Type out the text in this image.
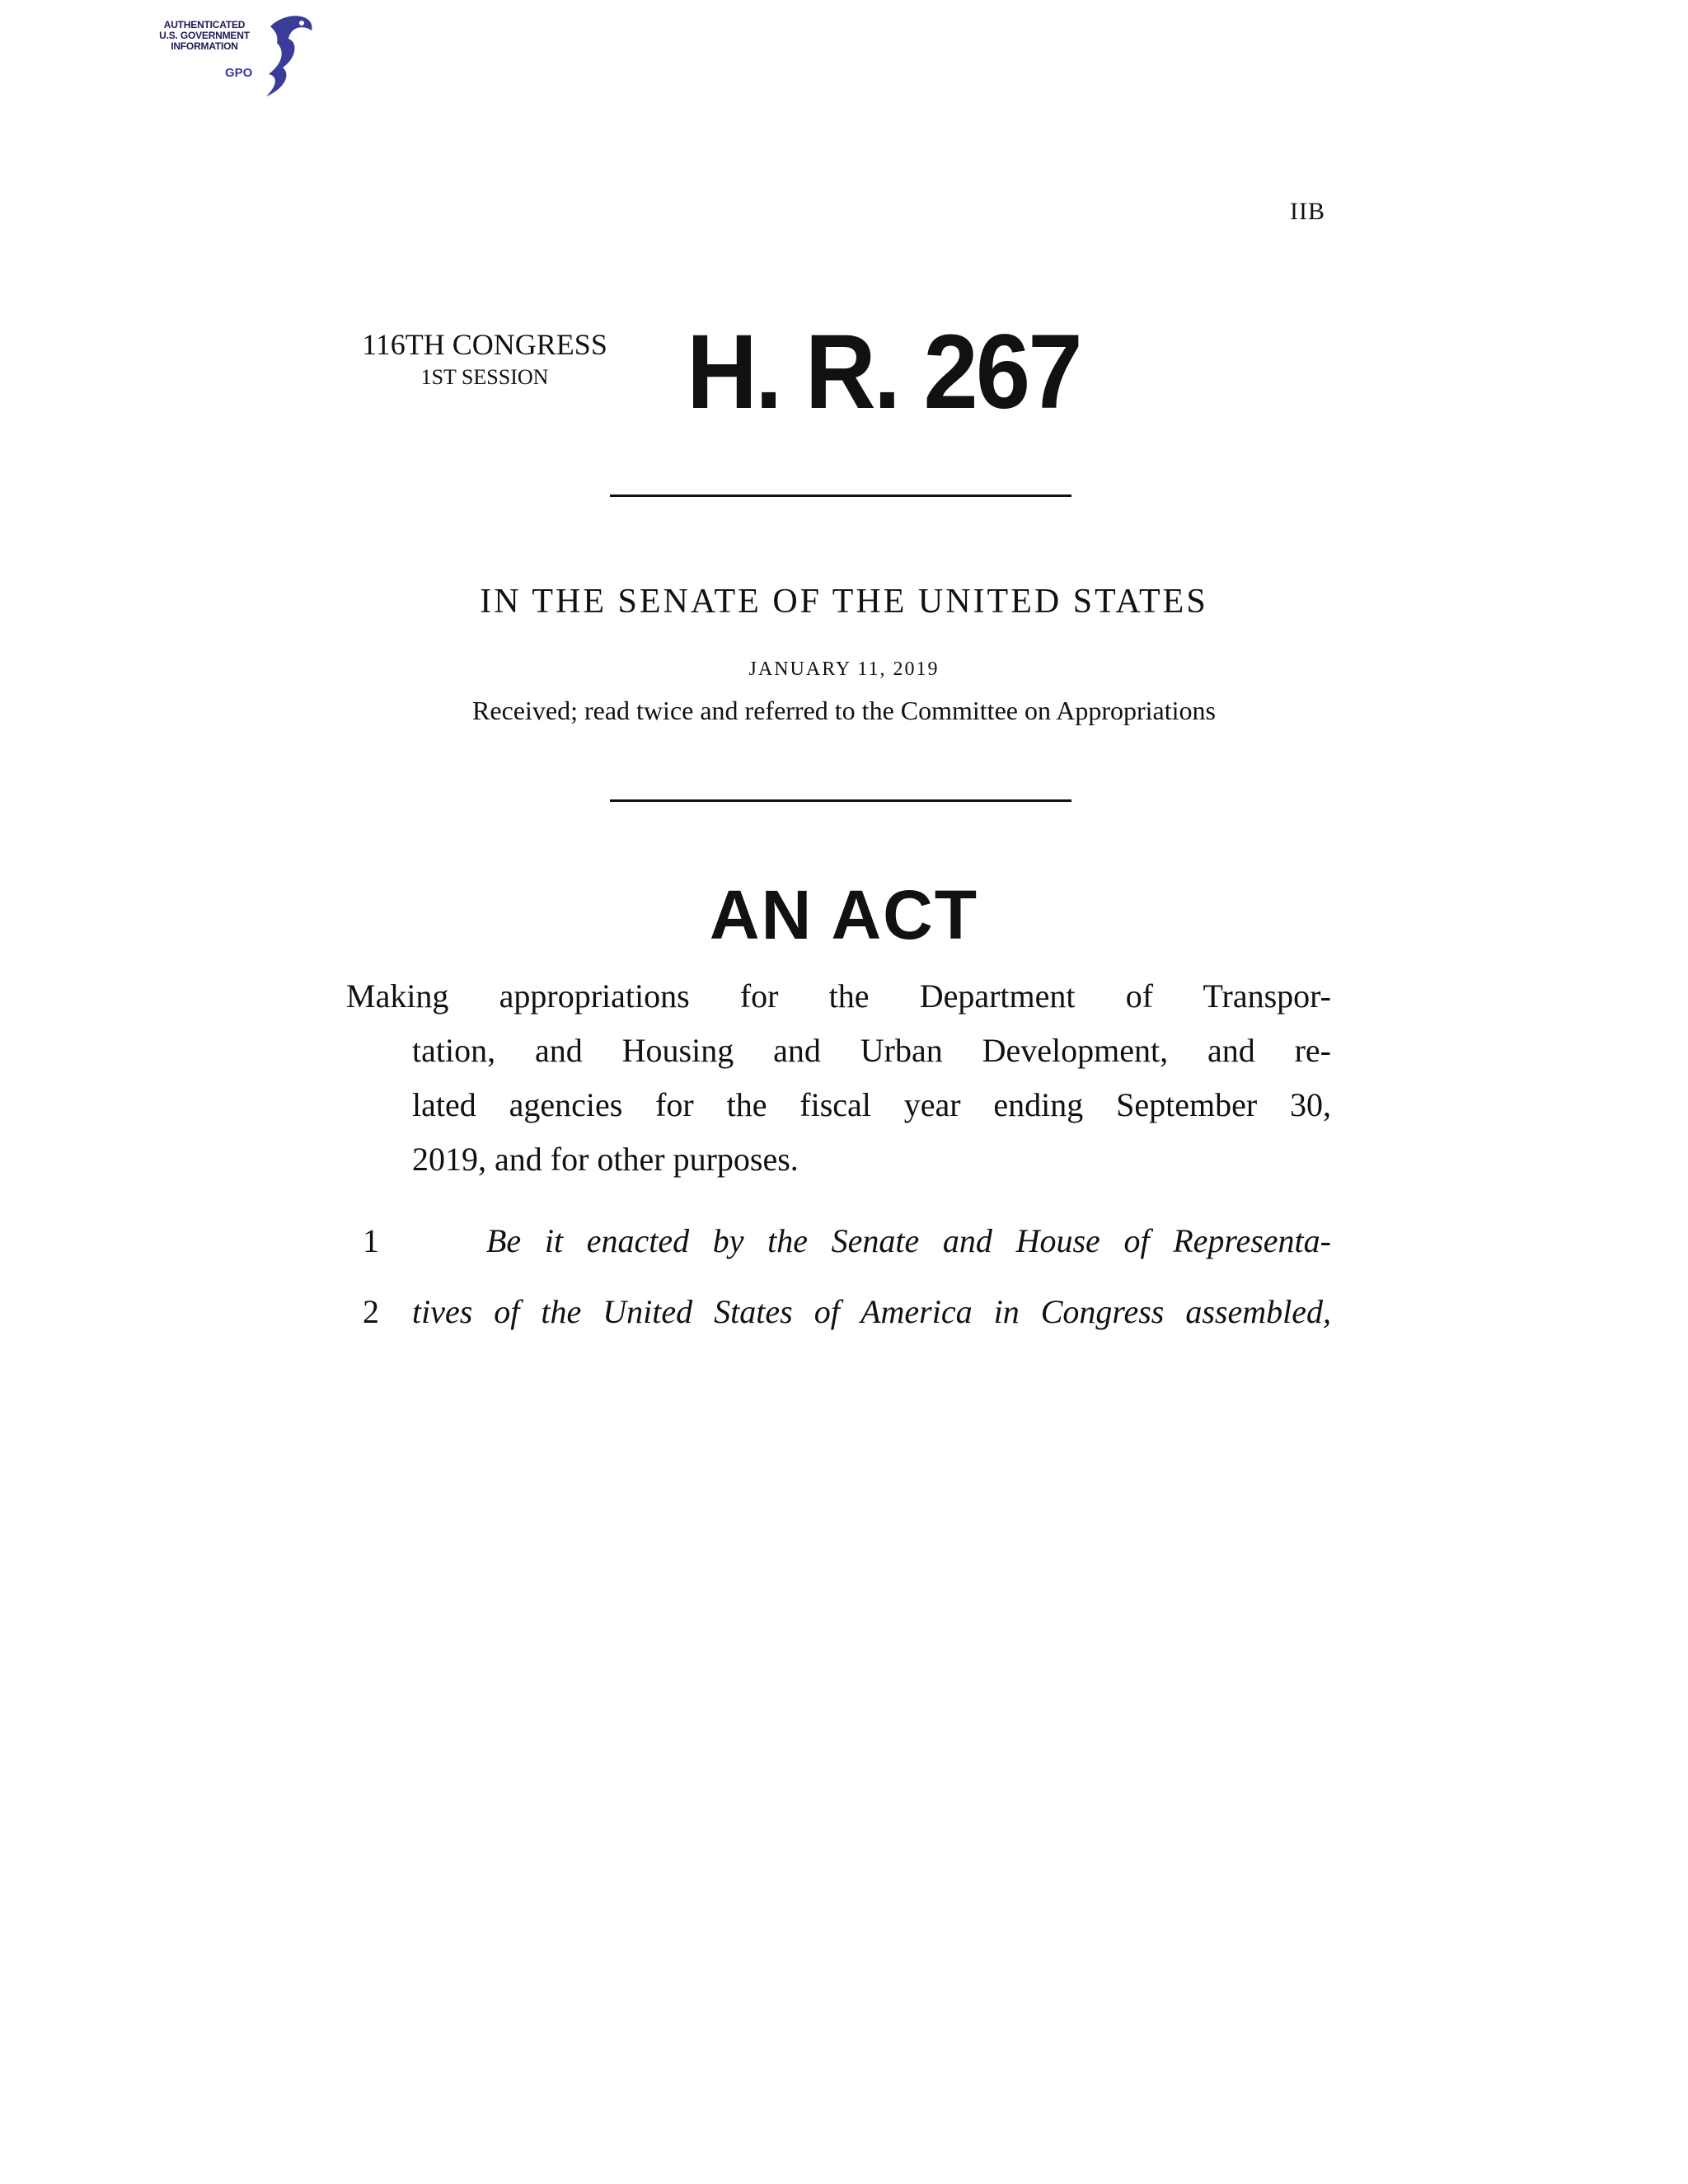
AUTHENTICATED
U.S. GOVERNMENT
INFORMATION
GPO
IIB
116TH CONGRESS
1ST SESSION	H. R. 267
IN THE SENATE OF THE UNITED STATES
JANUARY 11, 2019
Received; read twice and referred to the Committee on Appropriations
AN ACT
Making appropriations for the Department of Transpor-
tation, and Housing and Urban Development, and re-
lated agencies for the fiscal year ending September 30,
2019, and for other purposes.
1	Be it enacted by the Senate and House of Representa-
2 tives of the United States of America in Congress assembled,
